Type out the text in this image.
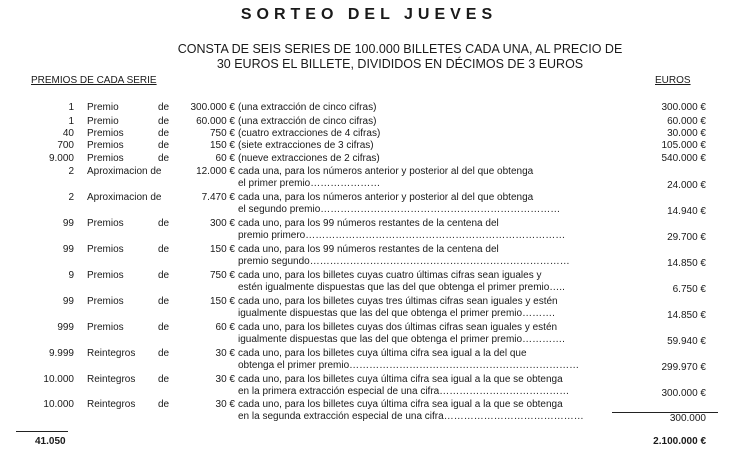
SORTEO DEL JUEVES
CONSTA DE SEIS SERIES DE 100.000 BILLETES CADA UNA, AL PRECIO DE
30 EUROS EL BILLETE, DIVIDIDOS EN DÉCIMOS DE 3 EUROS
PREMIOS DE CADA SERIE	EUROS
1 Premio	de	300.000 € (una extracción de cinco cifras)	300.000 €
1 Premio	de	60.000 € (una extracción de cinco cifras)	60.000 €
40 Premios	de	750 € (cuatro extracciones de 4 cifras)	30.000 €
700 Premios	de	150 € (siete extracciones de 3 cifras)	105.000 €
9.000 Premios	de	60 € (nueve extracciones de 2 cifras)	540.000 €
2 Aproximacion de	12.000 € cada una, para los números anterior y posterior al del que obtenga
el primer premio…………………	24.000 €
2 Aproximacion de	7.470 € cada una, para los números anterior y posterior al del que obtenga
el segundo premio………………………………………………………………	14.940 €
99 Premios	de	300 € cada uno, para los 99 números restantes de la centena del
premio primero……………………………………………………………………	29.700 €
99 Premios	de	150 € cada uno, para los 99 números restantes de la centena del
premio segundo……………………………………………………………………	14.850 €
9 Premios	de	750 € cada uno, para los billetes cuyas cuatro últimas cifras sean iguales y
estén igualmente dispuestas que las del que obtenga el primer premio…..	6.750 €
99 Premios	de	150 € cada uno, para los billetes cuyas tres últimas cifras sean iguales y estén
igualmente dispuestas que las del que obtenga el primer premio……….	14.850 €
999 Premios	de	60 € cada uno, para los billetes cuyas dos últimas cifras sean iguales y estén
igualmente dispuestas que las del que obtenga el primer premio………….	59.940 €
9.999 Reintegros de	30 € cada uno, para los billetes cuya última cifra sea igual a la del que
obtenga el primer premio……………………………………………………………	299.970 €
10.000 Reintegros de	30 € cada uno, para los billetes cuya última cifra sea igual a la que se obtenga
en la primera extracción especial de una cifra…………………………………	300.000 €
10.000 Reintegros de	30 € cada uno, para los billetes cuya última cifra sea igual a la que se obtenga
en la segunda extracción especial de una cifra……………………………………	300.000
41.050	2.100.000 €
